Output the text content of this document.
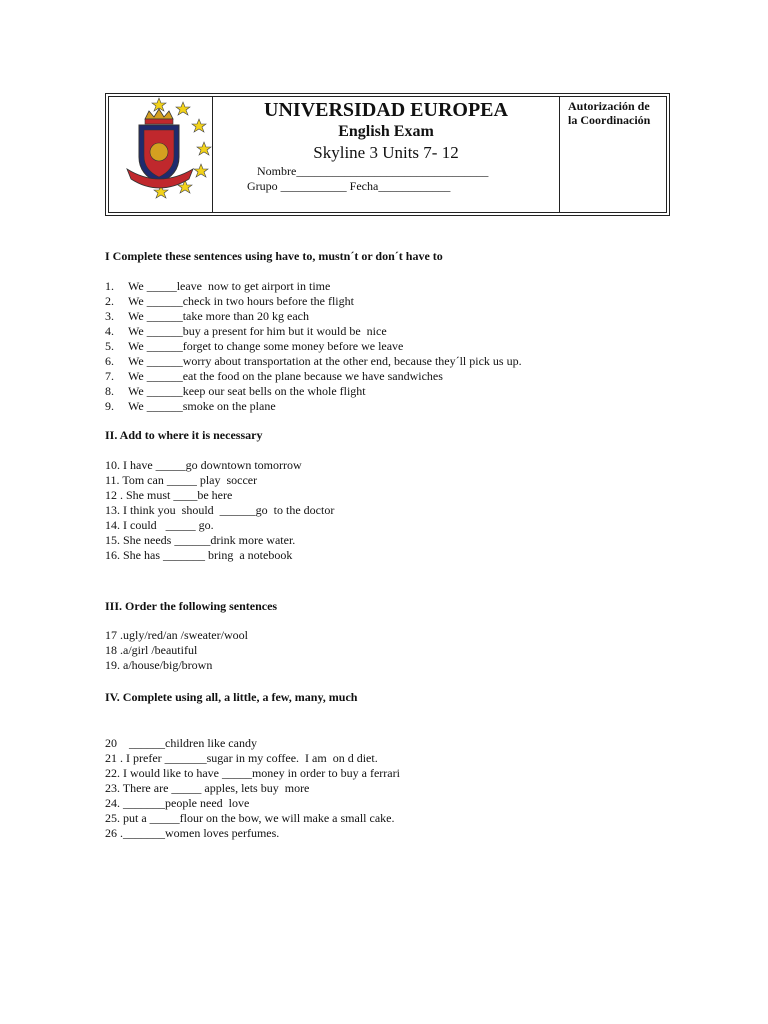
UNIVERSIDAD EUROPEA
English Exam
Skyline 3 Units 7- 12
Nombre________________________________
Grupo ___________ Fecha____________
Autorización de
la Coordinación
I Complete these sentences using have to, mustn´t or don´t have to
1. We _____leave  now to get airport in time
2. We ______check in two hours before the flight
3. We ______take more than 20 kg each
4. We ______buy a present for him but it would be  nice
5. We ______forget to change some money before we leave
6. We ______worry about transportation at the other end, because they´ll pick us up.
7. We ______eat the food on the plane because we have sandwiches
8. We ______keep our seat bells on the whole flight
9. We ______smoke on the plane
II. Add to where it is necessary
10. I have _____go downtown tomorrow
11. Tom can _____ play  soccer
12 . She must ____be here
13. I think you  should  ______go  to the doctor
14. I could   _____ go.
15. She needs ______drink more water.
16. She has _______ bring  a notebook
III. Order the following sentences
17 .ugly/red/an /sweater/wool
18 .a/girl /beautiful
19. a/house/big/brown
IV. Complete using all, a little, a few, many, much
20    ______children like candy
21 . I prefer _______sugar in my coffee.  I am  on d diet.
22. I would like to have _____money in order to buy a ferrari
23. There are _____ apples, lets buy  more
24. _______people need  love
25. put a _____flour on the bow, we will make a small cake.
26 ._______women loves perfumes.
